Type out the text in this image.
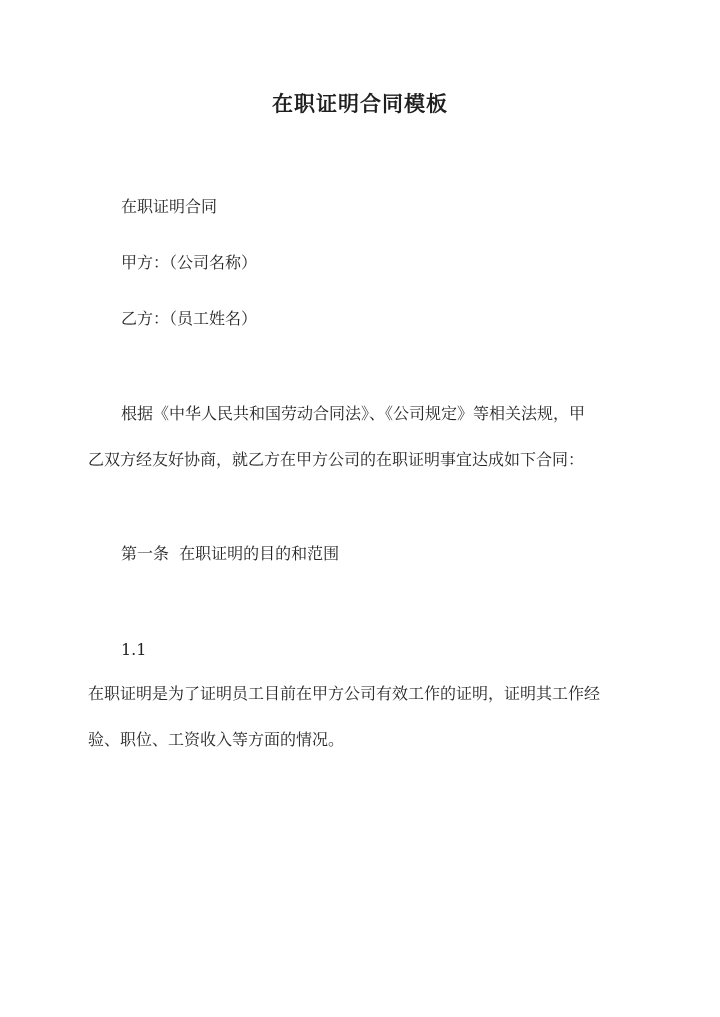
在职证明合同模板
在职证明合同
甲方：（公司名称）
乙方：（员工姓名）
根据《中华人民共和国劳动合同法》、《公司规定》等相关法规，甲
乙双方经友好协商，就乙方在甲方公司的在职证明事宜达成如下合同：
第一条  在职证明的目的和范围
1.1
在职证明是为了证明员工目前在甲方公司有效工作的证明，证明其工作经
验、职位、工资收入等方面的情况。
